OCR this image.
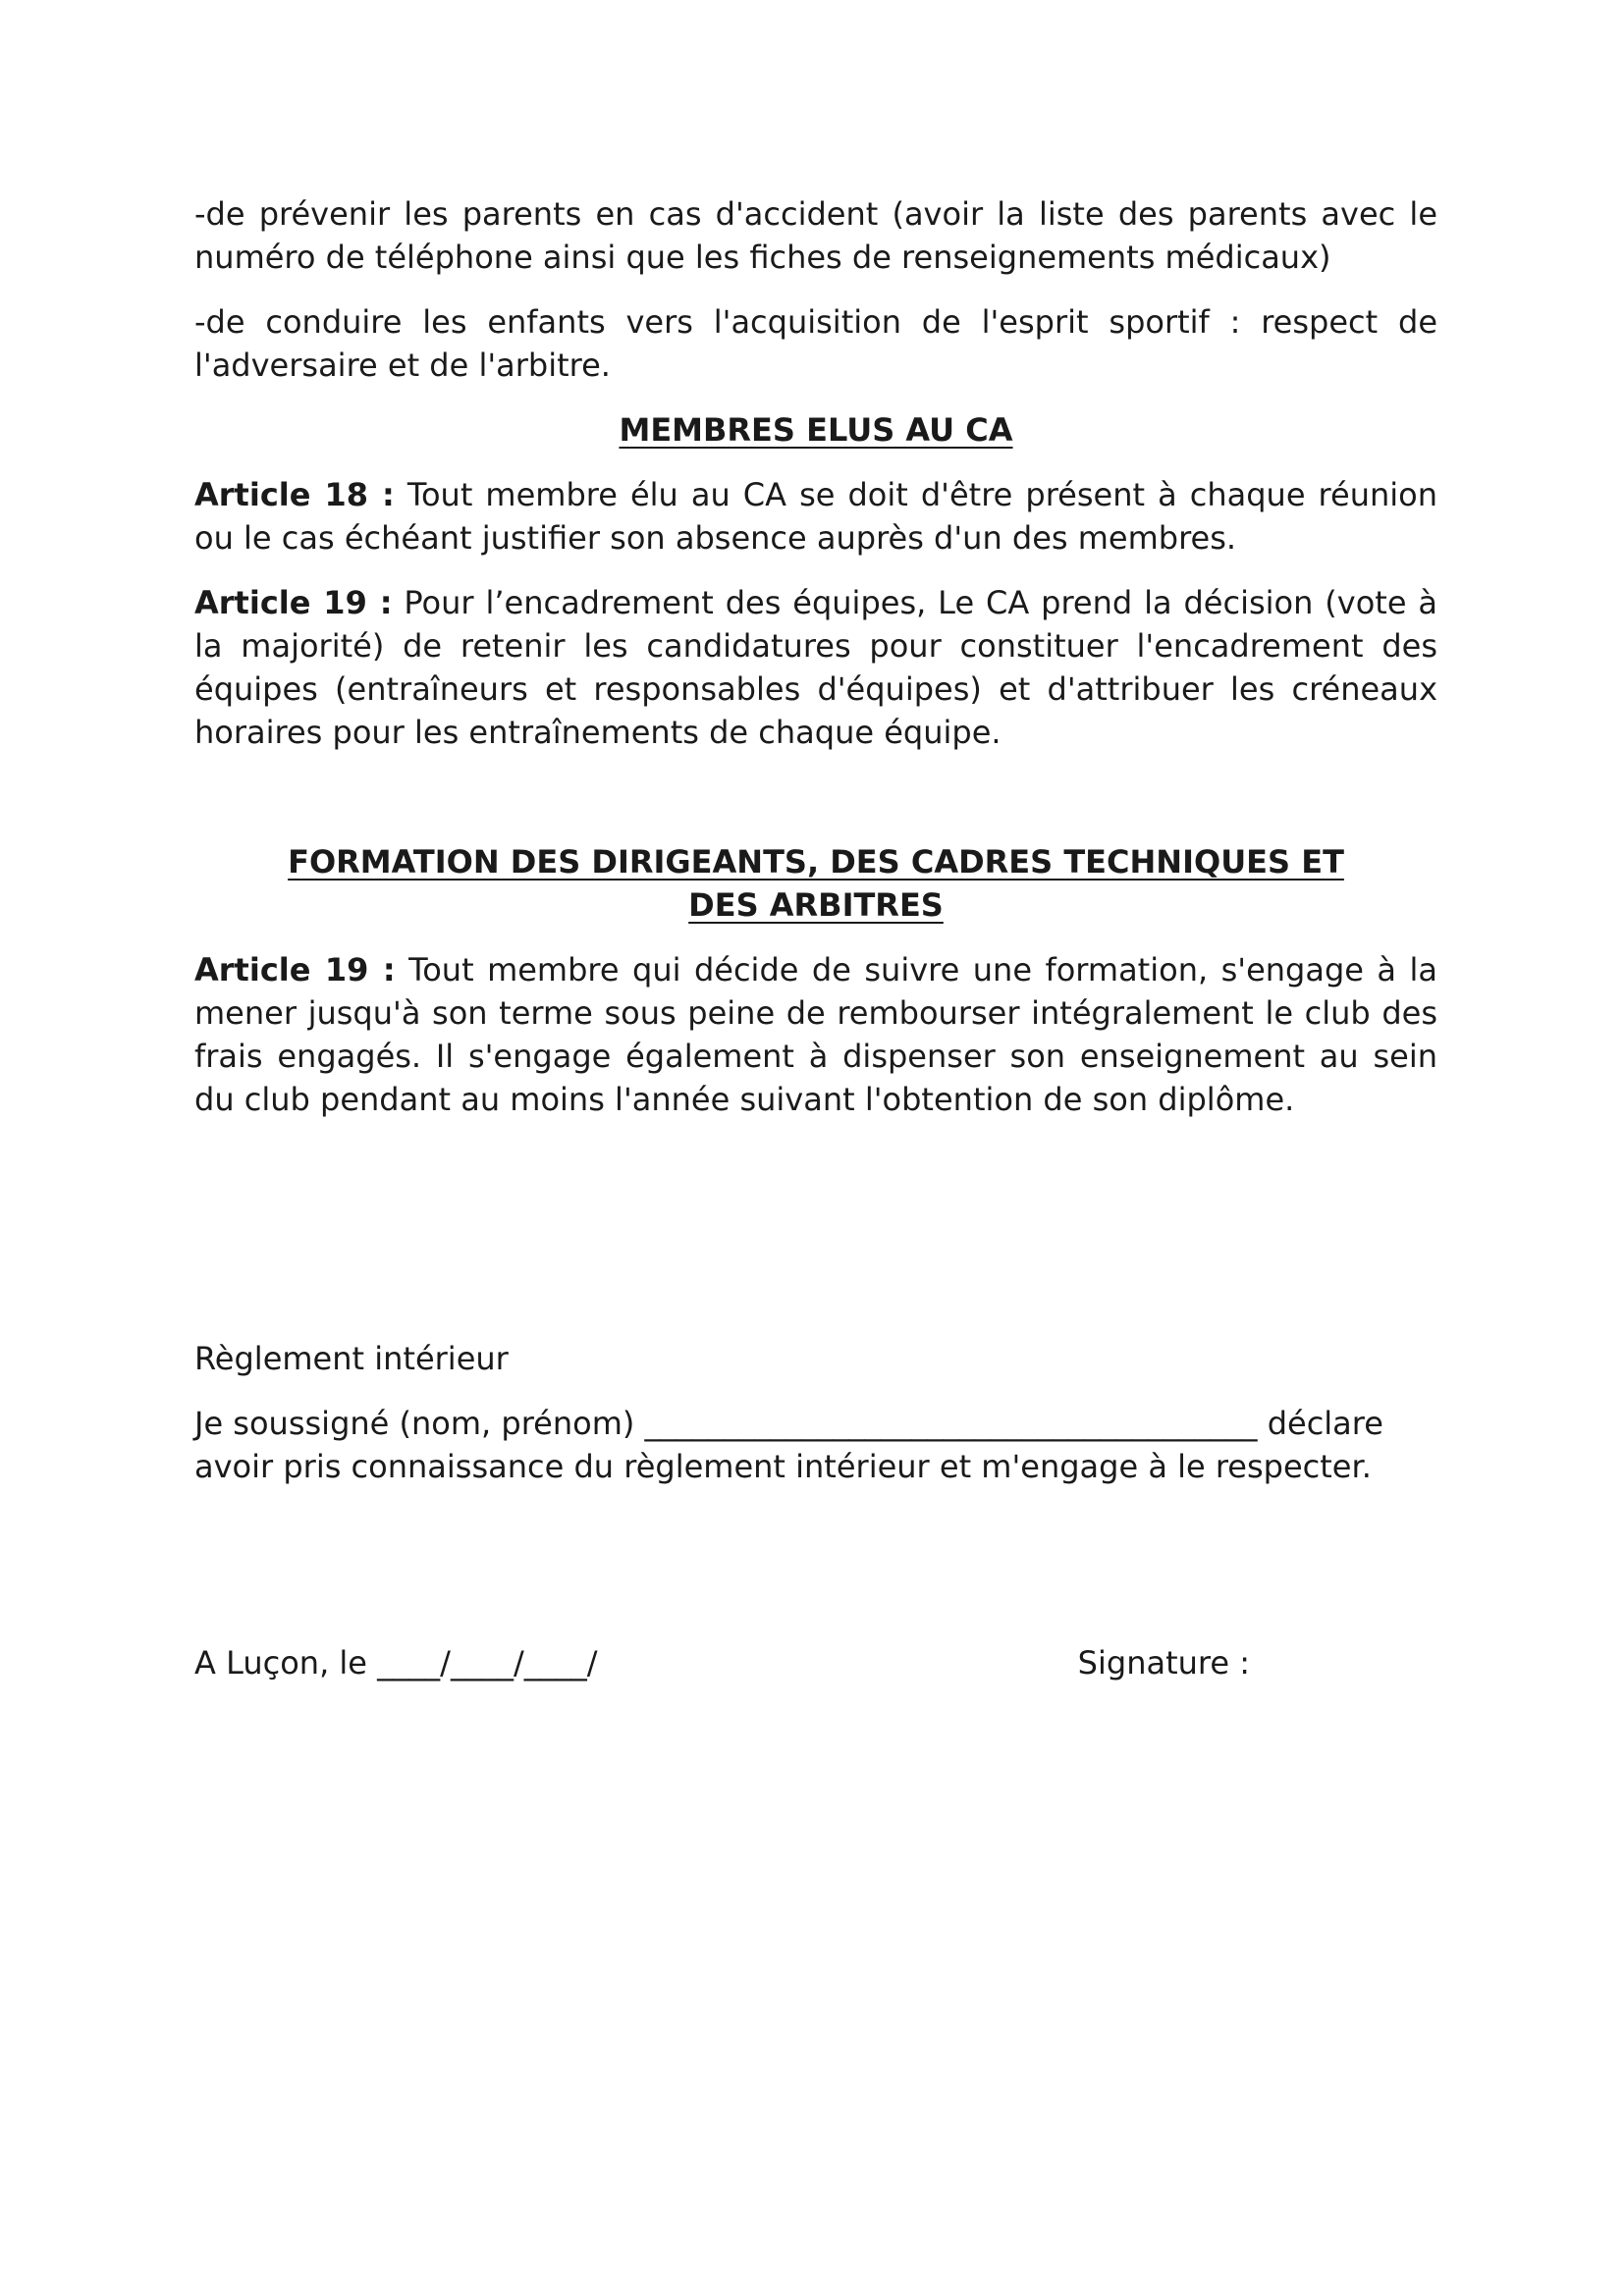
-de prévenir les parents en cas d'accident (avoir la liste des parents avec le numéro de téléphone ainsi que les fiches de renseignements médicaux)

-de conduire les enfants vers l'acquisition de l'esprit sportif : respect de l'adversaire et de l'arbitre.

MEMBRES ELUS AU CA

Article 18 : Tout membre élu au CA se doit d'être présent à chaque réunion ou le cas échéant justifier son absence auprès d'un des membres.

Article 19 : Pour l’encadrement des équipes, Le CA prend la décision (vote à la majorité) de retenir les candidatures pour constituer l'encadrement des équipes (entraîneurs et responsables d'équipes) et d'attribuer les créneaux horaires pour les entraînements de chaque équipe.

FORMATION DES DIRIGEANTS, DES CADRES TECHNIQUES ET DES ARBITRES

Article 19 : Tout membre qui décide de suivre une formation, s'engage à la mener jusqu'à son terme sous peine de rembourser intégralement le club des frais engagés. Il s'engage également à dispenser son enseignement au sein du club pendant au moins l'année suivant l'obtention de son diplôme.

Règlement intérieur

Je soussigné (nom, prénom) _______________________________________ déclare

avoir pris connaissance du règlement intérieur et m'engage à le respecter.

A Luçon, le ____/____/____/	Signature :
